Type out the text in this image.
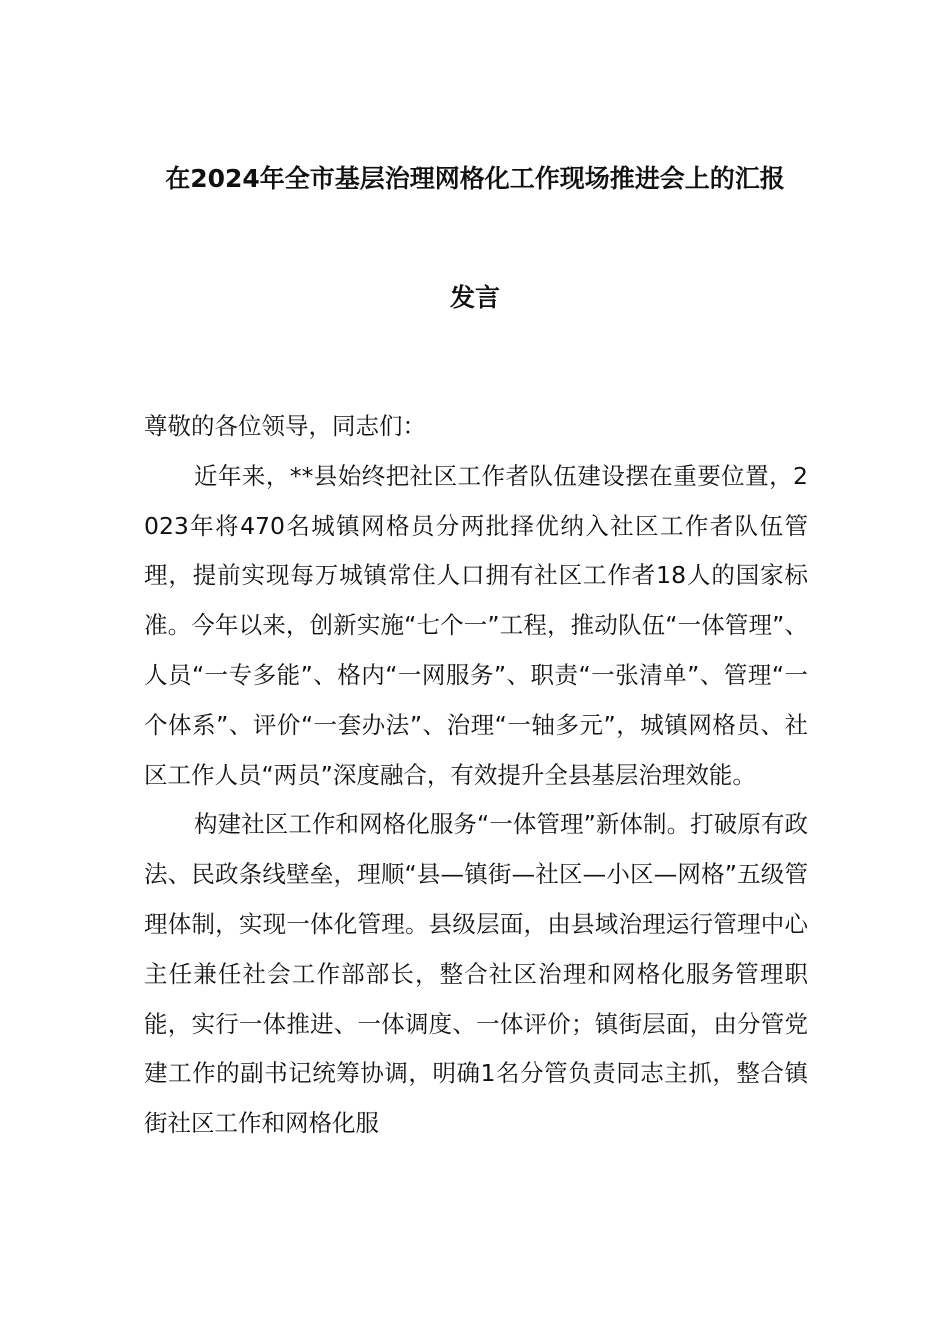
在2024年全市基层治理网格化工作现场推进会上的汇报
发言

尊敬的各位领导，同志们：

近年来，**县始终把社区工作者队伍建设摆在重要位置，2023年将470名城镇网格员分两批择优纳入社区工作者队伍管理，提前实现每万城镇常住人口拥有社区工作者18人的国家标准。今年以来，创新实施“七个一”工程，推动队伍“一体管理”、人员“一专多能”、格内“一网服务”、职责“一张清单”、管理“一个体系”、评价“一套办法”、治理“一轴多元”，城镇网格员、社区工作人员“两员”深度融合，有效提升全县基层治理效能。

构建社区工作和网格化服务“一体管理”新体制。打破原有政法、民政条线壁垒，理顺“县—镇街—社区—小区—网格”五级管理体制，实现一体化管理。县级层面，由县域治理运行管理中心主任兼任社会工作部部长，整合社区治理和网格化服务管理职能，实行一体推进、一体调度、一体评价；镇街层面，由分管党建工作的副书记统筹协调，明确1名分管负责同志主抓，整合镇街社区工作和网格化服
